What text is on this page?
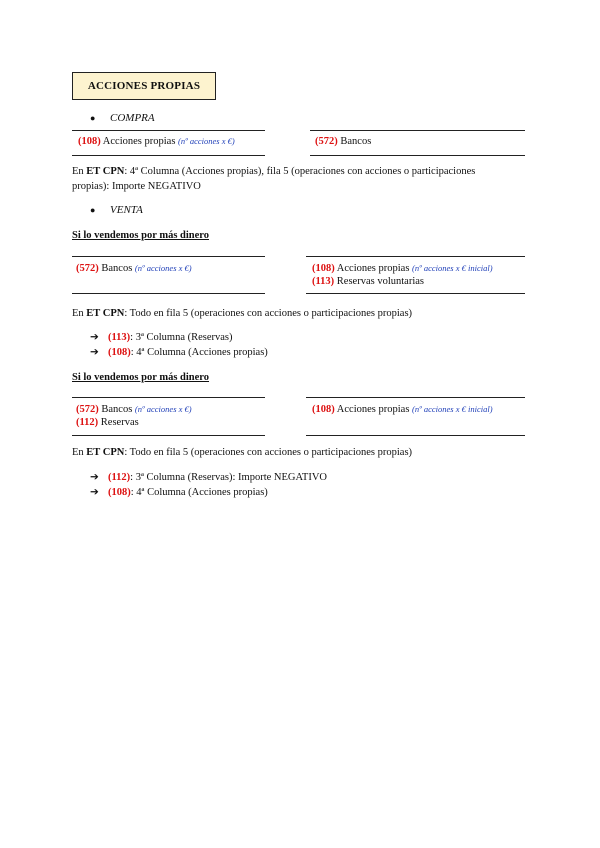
ACCIONES PROPIAS
● COMPRA
(108) Acciones propias (nº acciones x €)	(572) Bancos
En ET CPN: 4ª Columna (Acciones propias), fila 5 (operaciones con acciones o participaciones
propias): Importe NEGATIVO
● VENTA
Si lo vendemos por más dinero
(572) Bancos (nº acciones x €)	(108) Acciones propias (nº acciones x € inicial)
(113) Reservas voluntarias
En ET CPN: Todo en fila 5 (operaciones con acciones o participaciones propias)
➔ (113): 3ª Columna (Reservas)
➔ (108): 4ª Columna (Acciones propias)
Si lo vendemos por más dinero
(572) Bancos (nº acciones x €)
(112) Reservas
(108) Acciones propias (nº acciones x € inicial)
En ET CPN: Todo en fila 5 (operaciones con acciones o participaciones propias)
➔ (112): 3ª Columna (Reservas): Importe NEGATIVO
➔ (108): 4ª Columna (Acciones propias)
